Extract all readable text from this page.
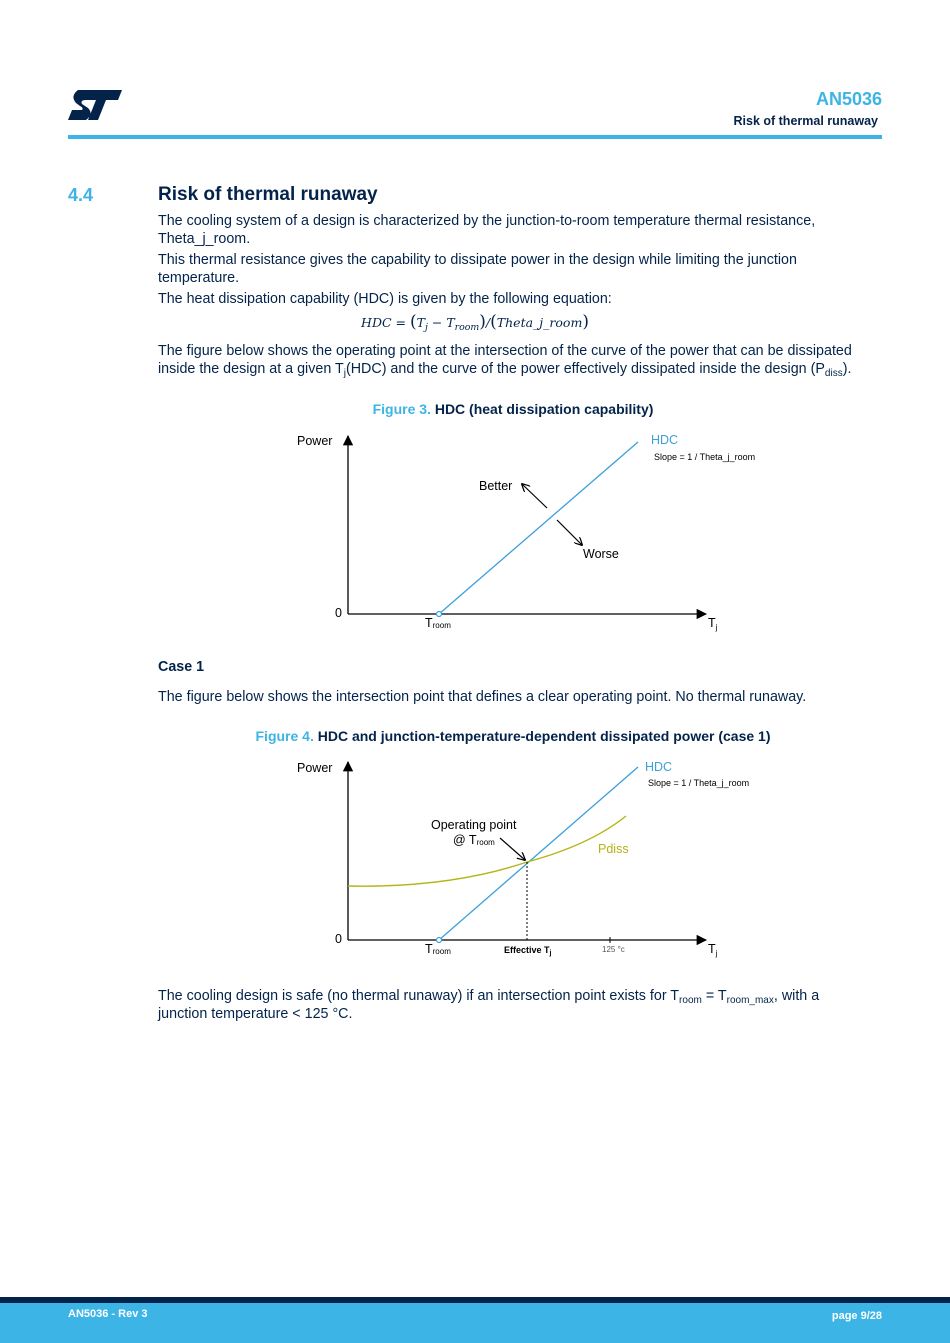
AN5036
Risk of thermal runaway
4.4	Risk of thermal runaway
The cooling system of a design is characterized by the junction-to-room temperature thermal resistance, Theta_j_room.
This thermal resistance gives the capability to dissipate power in the design while limiting the junction temperature.
The heat dissipation capability (HDC) is given by the following equation:
HDC = ($T_j$ − $T_{room})/(Theta\_j\_room)$
The figure below shows the operating point at the intersection of the curve of the power that can be dissipated inside the design at a given $T_j(HDC)$ and the curve of the power effectively dissipated inside the design $(P_{diss})$.
Figure 3. HDC (heat dissipation capability)
Power
0
$T_j$
Troom
HDC
Slope = 1 / Theta_j_room
Better
Worse
Power
0
$T_j$
Troom
HDC
Slope = 1 / Theta_j_room
Pdiss
Operating point
@ Troom
Effective $T_j$	125 °c
Case 1
The figure below shows the intersection point that defines a clear operating point. No thermal runaway.
Figure 4. HDC and junction-temperature-dependent dissipated power (case 1)
The cooling design is safe (no thermal runaway) if an intersection point exists for $T_{room} = T_{room\_max}$, with a junction temperature < 125 °C.
AN5036 - Rev 3	page 9/28
